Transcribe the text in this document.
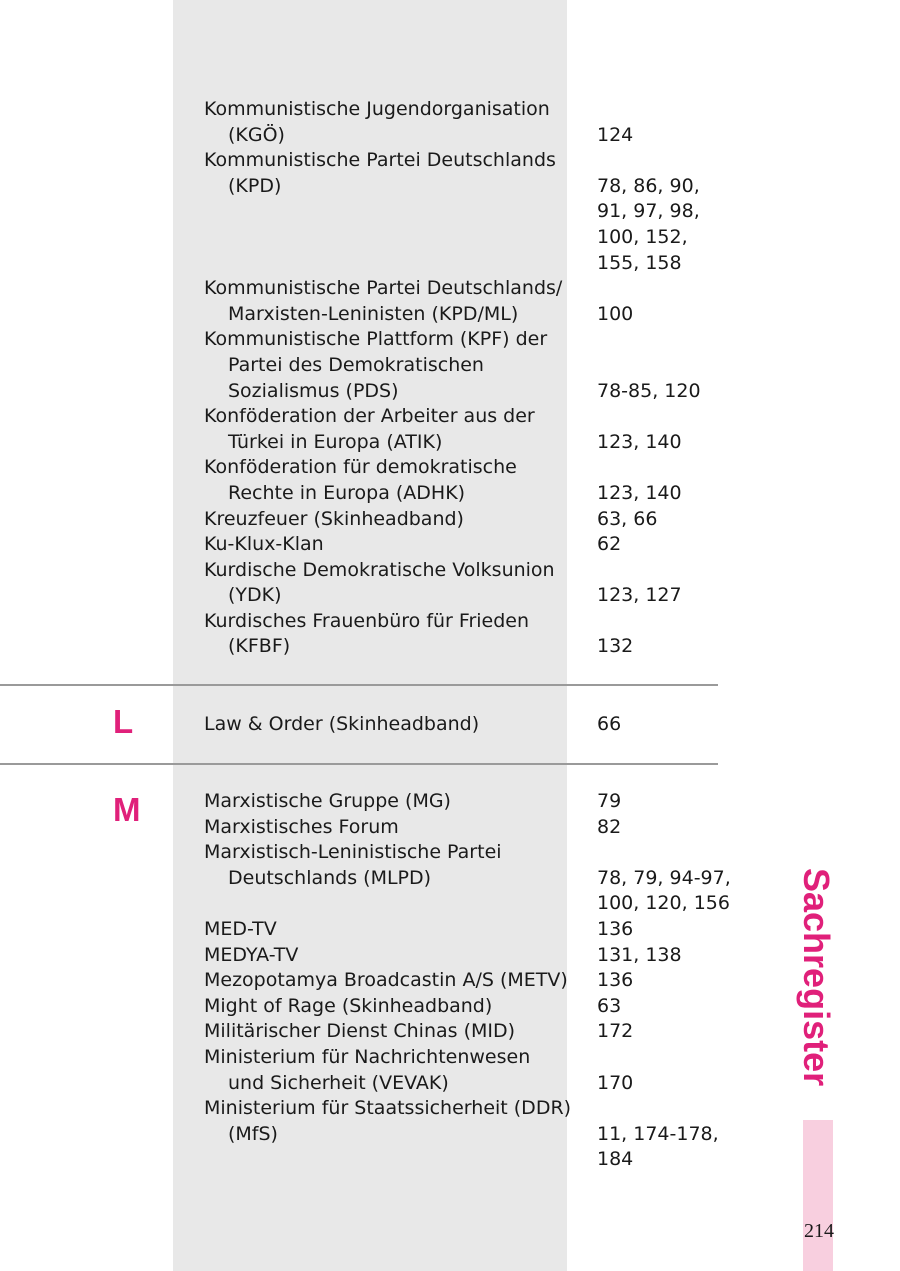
Kommunistische Jugendorganisation
(KGÖ)	124
Kommunistische Partei Deutschlands
(KPD)	78, 86, 90,
91, 97, 98,
100, 152,
155, 158
Kommunistische Partei Deutschlands/
Marxisten-Leninisten (KPD/ML)	100
Kommunistische Plattform (KPF) der
Partei des Demokratischen
Sozialismus (PDS)	78-85, 120
Konföderation der Arbeiter aus der
Türkei in Europa (ATIK)	123, 140
Konföderation für demokratische
Rechte in Europa (ADHK)	123, 140
Kreuzfeuer (Skinheadband)	63, 66
Ku-Klux-Klan	62
Kurdische Demokratische Volksunion
(YDK)	123, 127
Kurdisches Frauenbüro für Frieden
(KFBF)	132
L	Law & Order (Skinheadband)	66
M	Marxistische Gruppe (MG)	79
Marxistisches Forum	82
Marxistisch-Leninistische Partei
Deutschlands (MLPD)	78, 79, 94-97,
100, 120, 156
MED-TV	136
MEDYA-TV	131, 138
Mezopotamya Broadcastin A/S (METV) 136
Might of Rage (Skinheadband)	63
Militärischer Dienst Chinas (MID)	172
Ministerium für Nachrichtenwesen
und Sicherheit (VEVAK)	170
Ministerium für Staatssicherheit (DDR)
(MfS)	11, 174-178,
184
Sachregister
214
